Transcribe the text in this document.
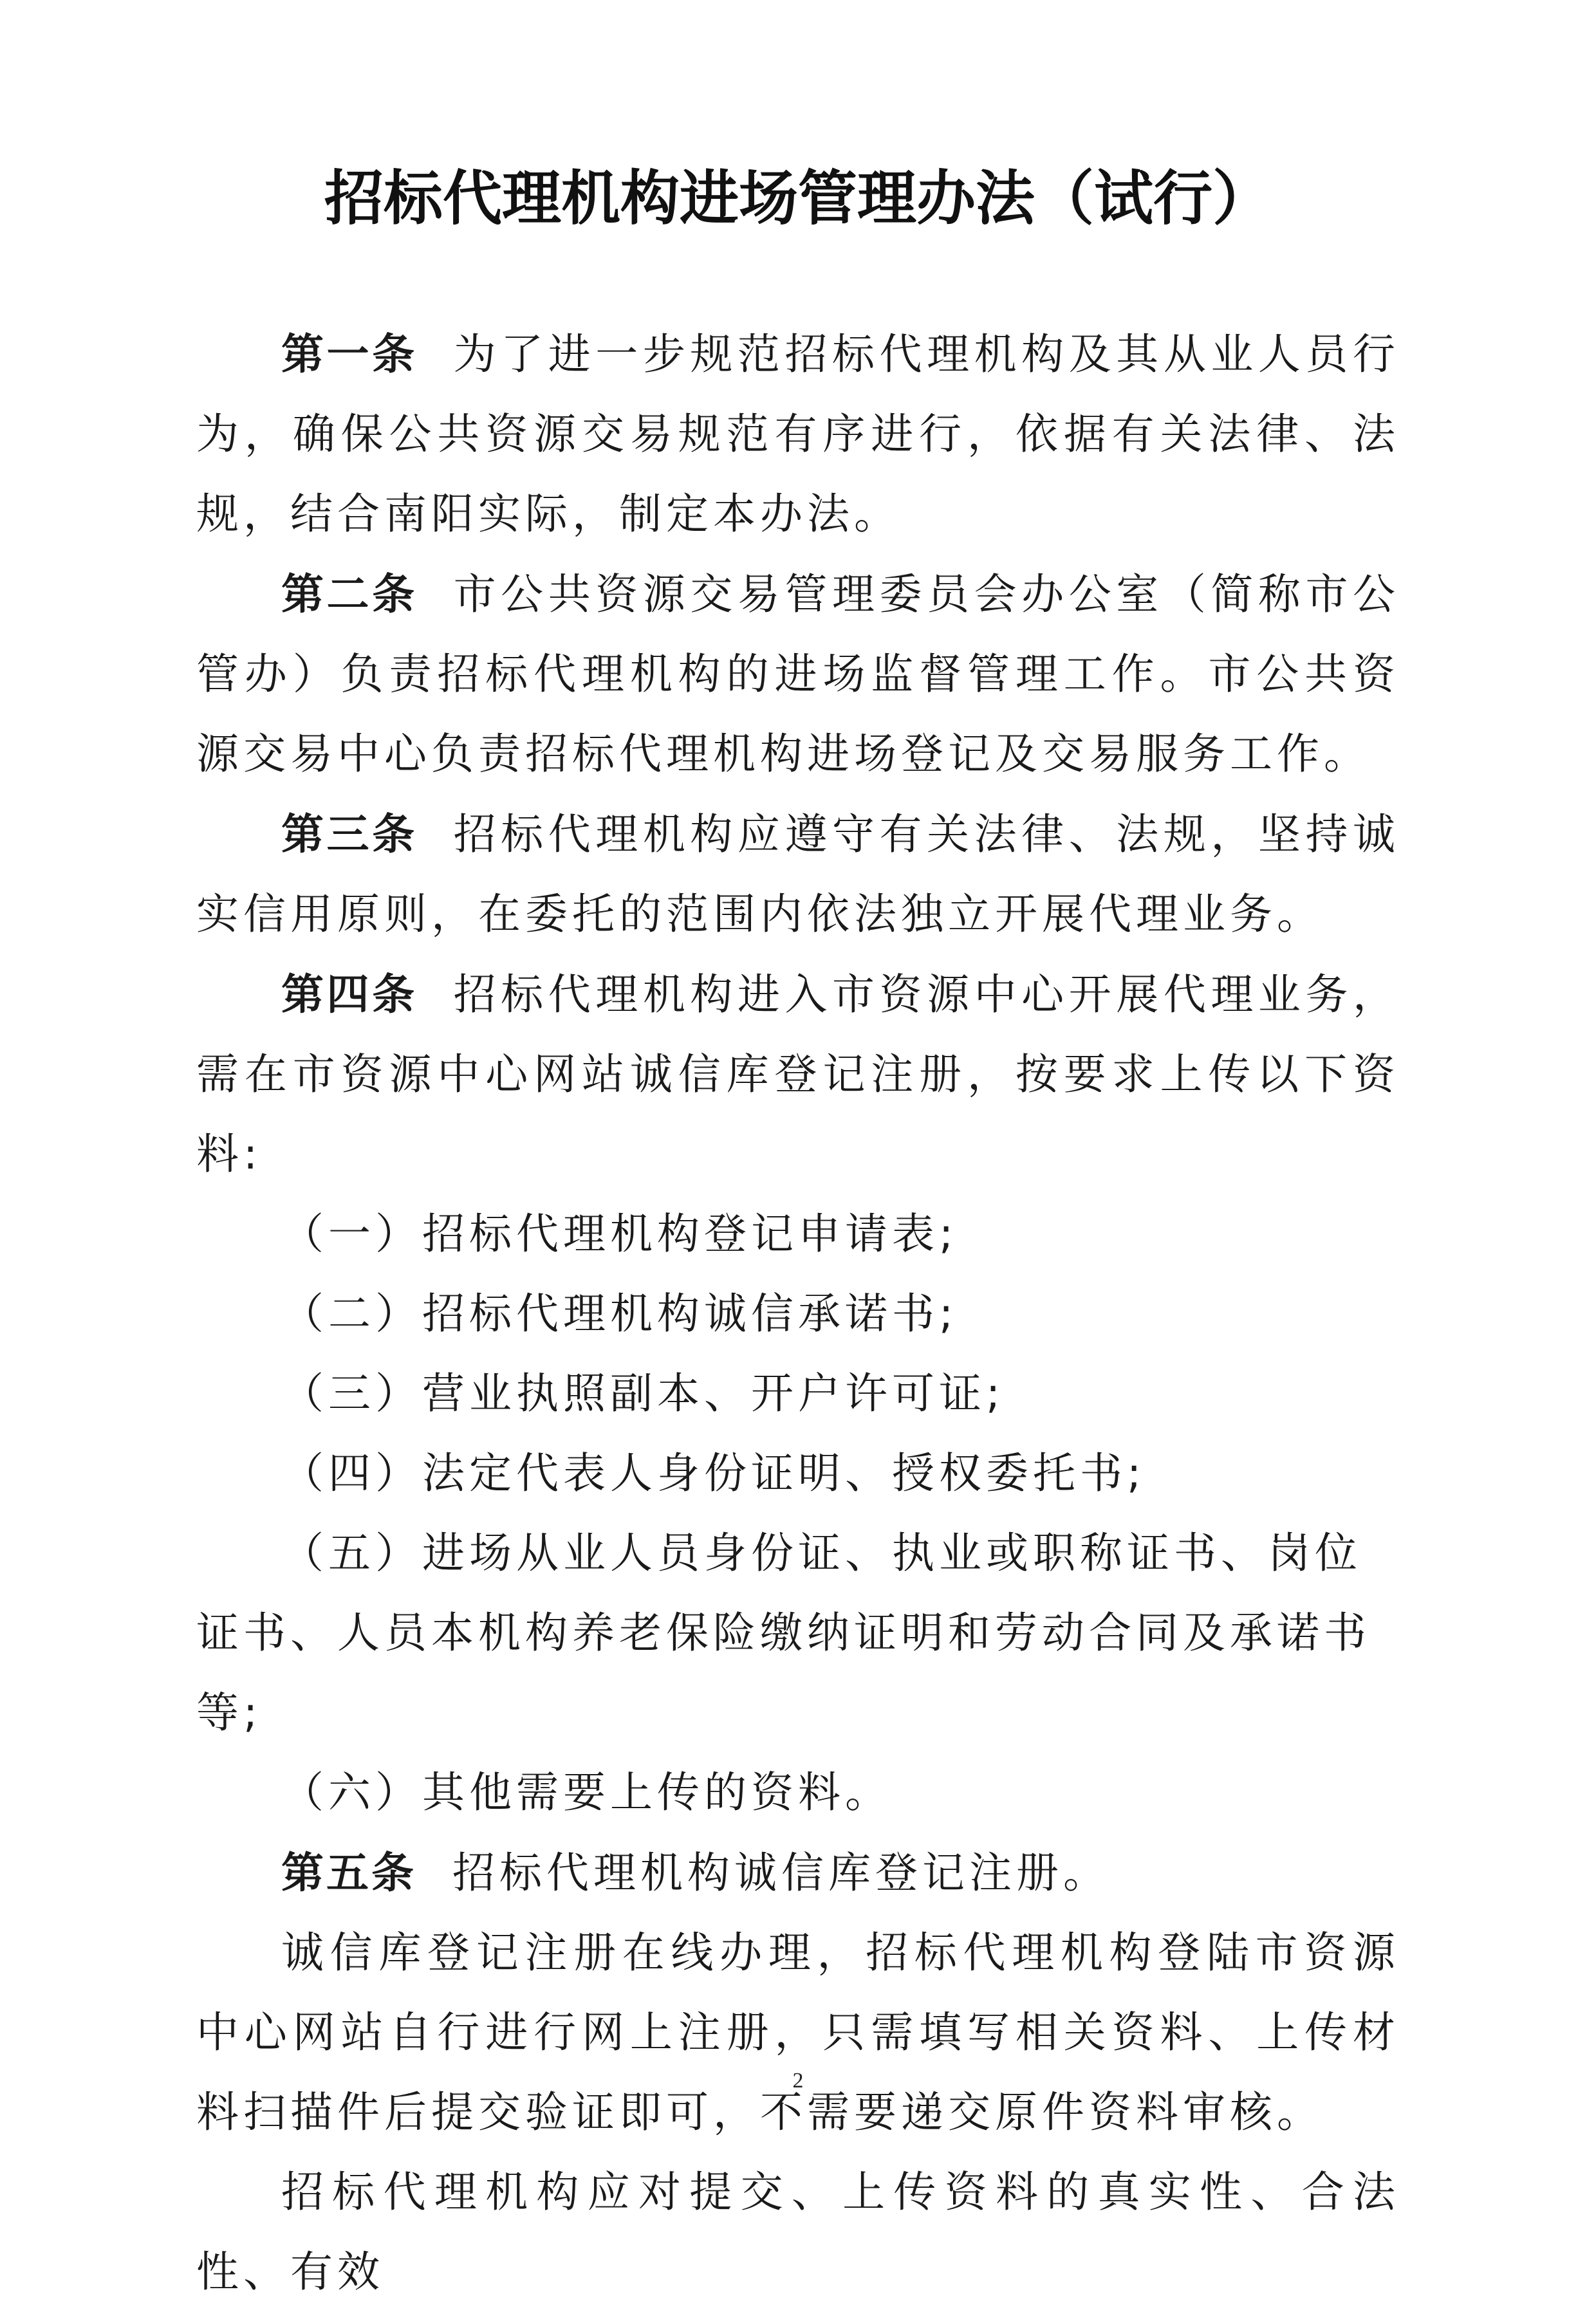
招标代理机构进场管理办法（试行）

第一条 为了进一步规范招标代理机构及其从业人员行为，确保公共资源交易规范有序进行，依据有关法律、法规，结合南阳实际，制定本办法。

第二条 市公共资源交易管理委员会办公室（简称市公管办）负责招标代理机构的进场监督管理工作。市公共资源交易中心负责招标代理机构进场登记及交易服务工作。

第三条 招标代理机构应遵守有关法律、法规，坚持诚实信用原则，在委托的范围内依法独立开展代理业务。

第四条 招标代理机构进入市资源中心开展代理业务，需在市资源中心网站诚信库登记注册，按要求上传以下资料:

（一）招标代理机构登记申请表;

（二）招标代理机构诚信承诺书;

（三）营业执照副本、开户许可证;

（四）法定代表人身份证明、授权委托书;

（五）进场从业人员身份证、执业或职称证书、岗位证书、人员本机构养老保险缴纳证明和劳动合同及承诺书等;

（六）其他需要上传的资料。

第五条 招标代理机构诚信库登记注册。

诚信库登记注册在线办理，招标代理机构登陆市资源中心网站自行进行网上注册，只需填写相关资料、上传材料扫描件后提交验证即可，不需要递交原件资料审核。

招标代理机构应对提交、上传资料的真实性、合法性、有效

2
